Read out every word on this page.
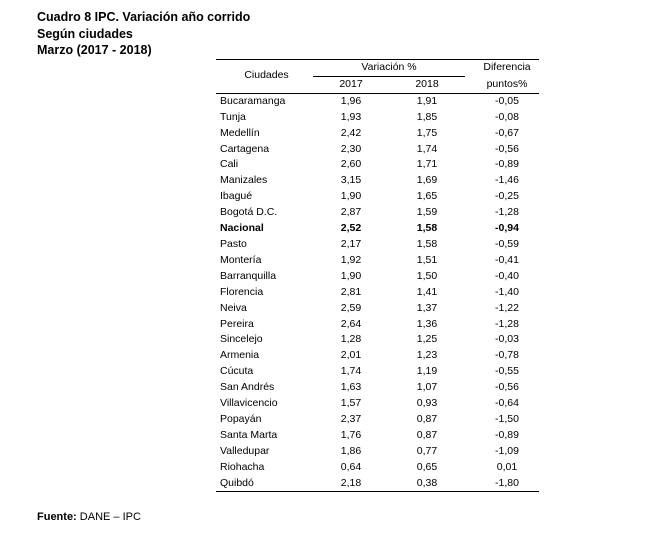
Cuadro 8 IPC. Variación año corrido
Según ciudades
Marzo (2017 - 2018)
Ciudades	Variación %			Diferencia
	2017	2018		puntos%
Bucaramanga	1,96	1,91		-0,05
Tunja	1,93	1,85		-0,08
Medellín	2,42	1,75		-0,67
Cartagena	2,30	1,74		-0,56
Cali	2,60	1,71		-0,89
Manizales	3,15	1,69		-1,46
Ibagué	1,90	1,65		-0,25
Bogotá D.C.	2,87	1,59		-1,28
Nacional	2,52	1,58		-0,94
Pasto	2,17	1,58		-0,59
Montería	1,92	1,51		-0,41
Barranquilla	1,90	1,50		-0,40
Florencia	2,81	1,41		-1,40
Neiva	2,59	1,37		-1,22
Pereira	2,64	1,36		-1,28
Sincelejo	1,28	1,25		-0,03
Armenia	2,01	1,23		-0,78
Cúcuta	1,74	1,19		-0,55
San Andrés	1,63	1,07		-0,56
Villavicencio	1,57	0,93		-0,64
Popayán	2,37	0,87		-1,50
Santa Marta	1,76	0,87		-0,89
Valledupar	1,86	0,77		-1,09
Riohacha	0,64	0,65		0,01
Quibdó	2,18	0,38		-1,80
Fuente: DANE – IPC
